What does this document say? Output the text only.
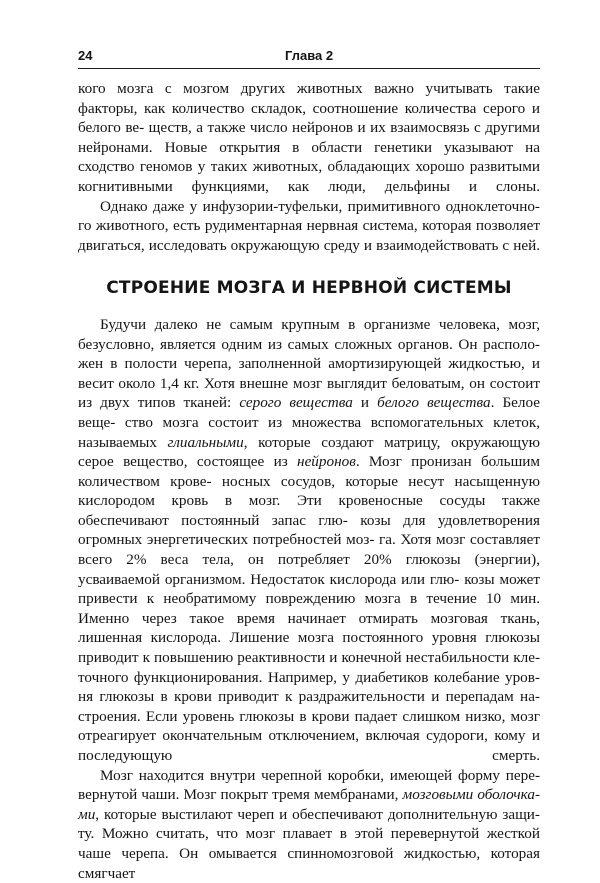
24	Глава 2

кого мозга с мозгом других животных важно учитывать такие факторы, как количество складок, соотношение количества серого и белого ве- ществ, а также число нейронов и их взаимосвязь с другими нейронами. Новые открытия в области генетики указывают на сходство геномов у таких животных, обладающих хорошо развитыми когнитивными функциями, как люди, дельфины и слоны.

Однако даже у инфузории-туфельки, примитивного одноклеточно- го животного, есть рудиментарная нервная система, которая позволяет двигаться, исследовать окружающую среду и взаимодействовать с ней.

СТРОЕНИЕ МОЗГА И НЕРВНОЙ СИСТЕМЫ

Будучи далеко не самым крупным в организме человека, мозг, безусловно, является одним из самых сложных органов. Он располо- жен в полости черепа, заполненной амортизирующей жидкостью, и весит около 1,4 кг. Хотя внешне мозг выглядит беловатым, он состоит из двух типов тканей: серого вещества и белого вещества. Белое веще- ство мозга состоит из множества вспомогательных клеток, называемых глиальными, которые создают матрицу, окружающую серое вещество, состоящее из нейронов. Мозг пронизан большим количеством крове- носных сосудов, которые несут насыщенную кислородом кровь в мозг. Эти кровеносные сосуды также обеспечивают постоянный запас глю- козы для удовлетворения огромных энергетических потребностей моз- га. Хотя мозг составляет всего 2% веса тела, он потребляет 20% глюкозы (энергии), усваиваемой организмом. Недостаток кислорода или глю- козы может привести к необратимому повреждению мозга в течение 10 мин. Именно через такое время начинает отмирать мозговая ткань, лишенная кислорода. Лишение мозга постоянного уровня глюкозы приводит к повышению реактивности и конечной нестабильности кле- точного функционирования. Например, у диабетиков колебание уров- ня глюкозы в крови приводит к раздражительности и перепадам на- строения. Если уровень глюкозы в крови падает слишком низко, мозг отреагирует окончательным отключением, включая судороги, кому и последующую смерть.

Мозг находится внутри черепной коробки, имеющей форму пере- вернутой чаши. Мозг покрыт тремя мембранами, мозговыми оболочка- ми, которые выстилают череп и обеспечивают дополнительную защи- ту. Можно считать, что мозг плавает в этой перевернутой жесткой чаше черепа. Он омывается спинномозговой жидкостью, которая смягчает
